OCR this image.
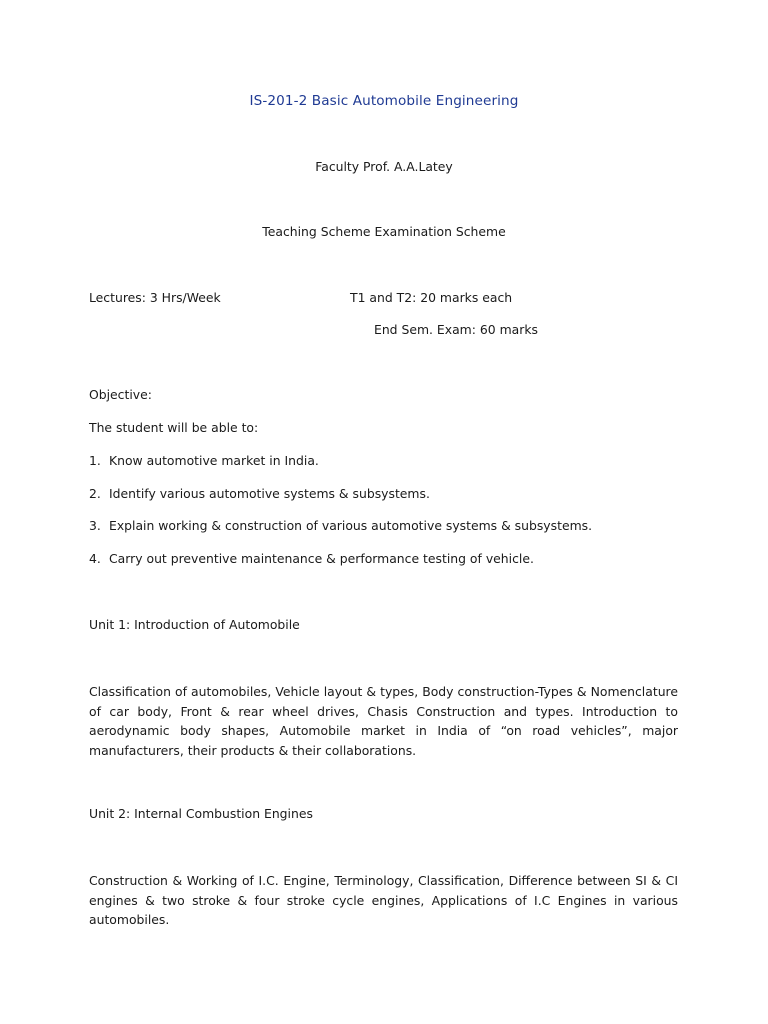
IS-201-2 Basic Automobile Engineering
Faculty Prof. A.A.Latey
Teaching Scheme Examination Scheme
Lectures: 3 Hrs/Week	T1 and T2: 20 marks each
End Sem. Exam: 60 marks
Objective:
The student will be able to:
1. Know automotive market in India.
2. Identify various automotive systems & subsystems.
3. Explain working & construction of various automotive systems & subsystems.
4. Carry out preventive maintenance & performance testing of vehicle.
Unit 1: Introduction of Automobile
Classification of automobiles, Vehicle layout & types, Body construction-Types & Nomenclature of car body, Front & rear wheel drives, Chasis Construction and types. Introduction to aerodynamic body shapes, Automobile market in India of “on road vehicles”, major manufacturers, their products & their collaborations.
Unit 2: Internal Combustion Engines
Construction & Working of I.C. Engine, Terminology, Classification, Difference between SI & CI engines & two stroke & four stroke cycle engines, Applications of I.C Engines in various automobiles.
